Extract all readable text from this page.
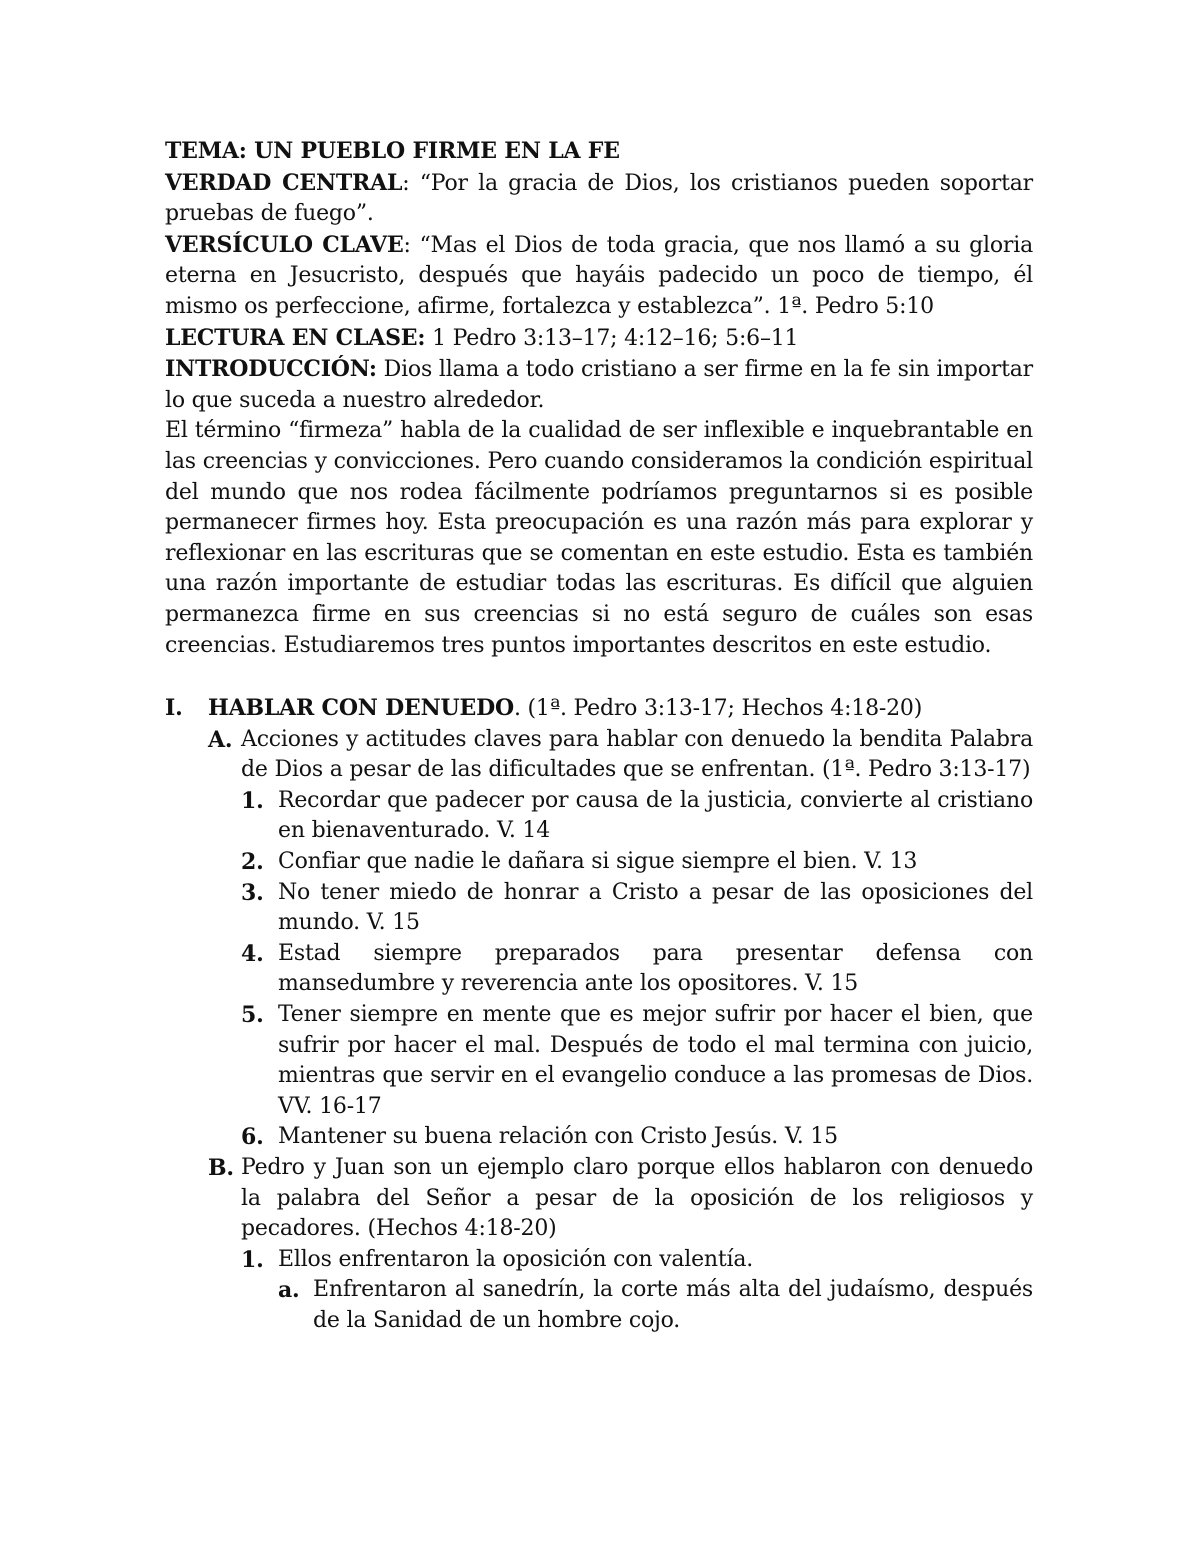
TEMA: UN PUEBLO FIRME EN LA FE

VERDAD CENTRAL: “Por la gracia de Dios, los cristianos pueden soportar pruebas de fuego”.

VERSÍCULO CLAVE: “Mas el Dios de toda gracia, que nos llamó a su gloria eterna en Jesucristo, después que hayáis padecido un poco de tiempo, él mismo os perfeccione, afirme, fortalezca y establezca”. 1ª. Pedro 5:10

LECTURA EN CLASE: 1 Pedro 3:13–17; 4:12–16; 5:6–11

INTRODUCCIÓN: Dios llama a todo cristiano a ser firme en la fe sin importar lo que suceda a nuestro alrededor.

El término “firmeza” habla de la cualidad de ser inflexible e inquebrantable en las creencias y convicciones. Pero cuando consideramos la condición espiritual del mundo que nos rodea fácilmente podríamos preguntarnos si es posible permanecer firmes hoy. Esta preocupación es una razón más para explorar y reflexionar en las escrituras que se comentan en este estudio. Esta es también una razón importante de estudiar todas las escrituras. Es difícil que alguien permanezca firme en sus creencias si no está seguro de cuáles son esas creencias. Estudiaremos tres puntos importantes descritos en este estudio.

I.	HABLAR CON DENUEDO. (1ª. Pedro 3:13-17; Hechos 4:18-20)
A. Acciones y actitudes claves para hablar con denuedo la bendita Palabra de Dios a pesar de las dificultades que se enfrentan. (1ª. Pedro 3:13-17)
1. Recordar que padecer por causa de la justicia, convierte al cristiano en bienaventurado. V. 14
2. Confiar que nadie le dañara si sigue siempre el bien. V. 13
3. No tener miedo de honrar a Cristo a pesar de las oposiciones del mundo. V. 15
4. Estad siempre preparados para presentar defensa con mansedumbre y reverencia ante los opositores. V. 15
5. Tener siempre en mente que es mejor sufrir por hacer el bien, que sufrir por hacer el mal. Después de todo el mal termina con juicio, mientras que servir en el evangelio conduce a las promesas de Dios. VV. 16-17
6. Mantener su buena relación con Cristo Jesús. V. 15
B. Pedro y Juan son un ejemplo claro porque ellos hablaron con denuedo la palabra del Señor a pesar de la oposición de los religiosos y pecadores. (Hechos 4:18-20)
1. Ellos enfrentaron la oposición con valentía.
a. Enfrentaron al sanedrín, la corte más alta del judaísmo, después de la Sanidad de un hombre cojo.
